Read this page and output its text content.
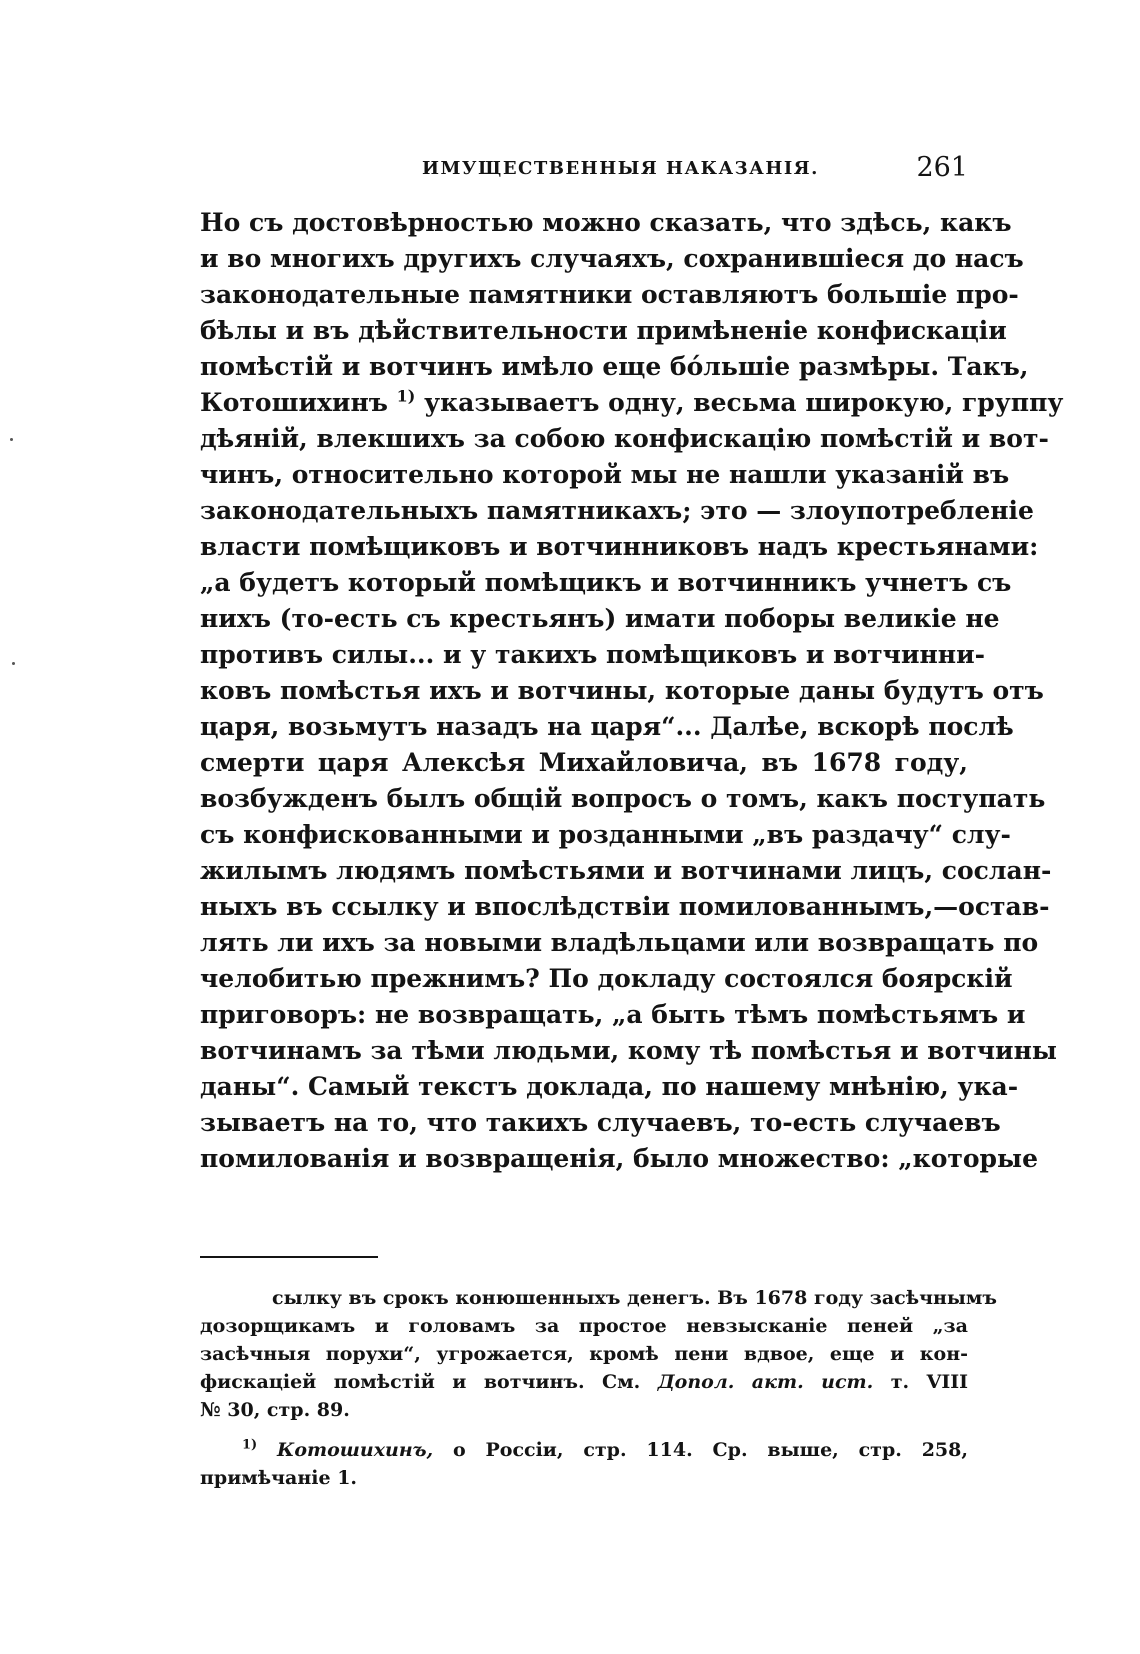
ИМУЩЕСТВЕННЫЯ НАКАЗАНІЯ.	261
Но съ достовѣрностью можно сказать, что здѣсь, какъ
и во многихъ другихъ случаяхъ, сохранившіеся до насъ
законодательные памятники оставляютъ большіе про-
бѣлы и въ дѣйствительности примѣненіе конфискаціи
помѣстій и вотчинъ имѣло еще бо́льшіе размѣры. Такъ,
Котошихинъ $^{1)}$ указываетъ одну, весьма широкую, группу
дѣяній, влекшихъ за собою конфискацію помѣстій и вот-
чинъ, относительно которой мы не нашли указаній въ
законодательныхъ памятникахъ; это — злоупотребленіе
власти помѣщиковъ и вотчинниковъ надъ крестьянами:
„а будетъ который помѣщикъ и вотчинникъ учнетъ съ
нихъ (то-есть съ крестьянъ) имати поборы великіе не
противъ силы... и у такихъ помѣщиковъ и вотчинни-
ковъ помѣстья ихъ и вотчины, которые даны будутъ отъ
царя, возьмутъ назадъ на царя“... Далѣе, вскорѣ послѣ
смерти царя Алексѣя Михайловича, въ 1678 году,
возбужденъ былъ общій вопросъ о томъ, какъ поступать
съ конфискованными и розданными „въ раздачу“ слу-
жилымъ людямъ помѣстьями и вотчинами лицъ, сослан-
ныхъ въ ссылку и впослѣдствіи помилованнымъ,—остав-
лять ли ихъ за новыми владѣльцами или возвращать по
челобитью прежнимъ? По докладу состоялся боярскій
приговоръ: не возвращать, „а быть тѣмъ помѣстьямъ и
вотчинамъ за тѣми людьми, кому тѣ помѣстья и вотчины
даны“. Самый текстъ доклада, по нашему мнѣнію, ука-
зываетъ на то, что такихъ случаевъ, то-есть случаевъ
помилованія и возвращенія, было множество: „которые
сылку въ срокъ конюшенныхъ денегъ. Въ 1678 году засѣчнымъ
дозорщикамъ и головамъ за простое невзысканіе пеней „за
засѣчныя порухи“, угрожается, кромѣ пени вдвое, еще и кон-
фискаціей помѣстій и вотчинъ. См. Допол. акт. ист. т. VIII
№ 30, стр. 89.
$^{1)}$ Котошихинъ, о Россіи, стр. 114. Ср. выше, стр. 258,
примѣчаніе 1.
